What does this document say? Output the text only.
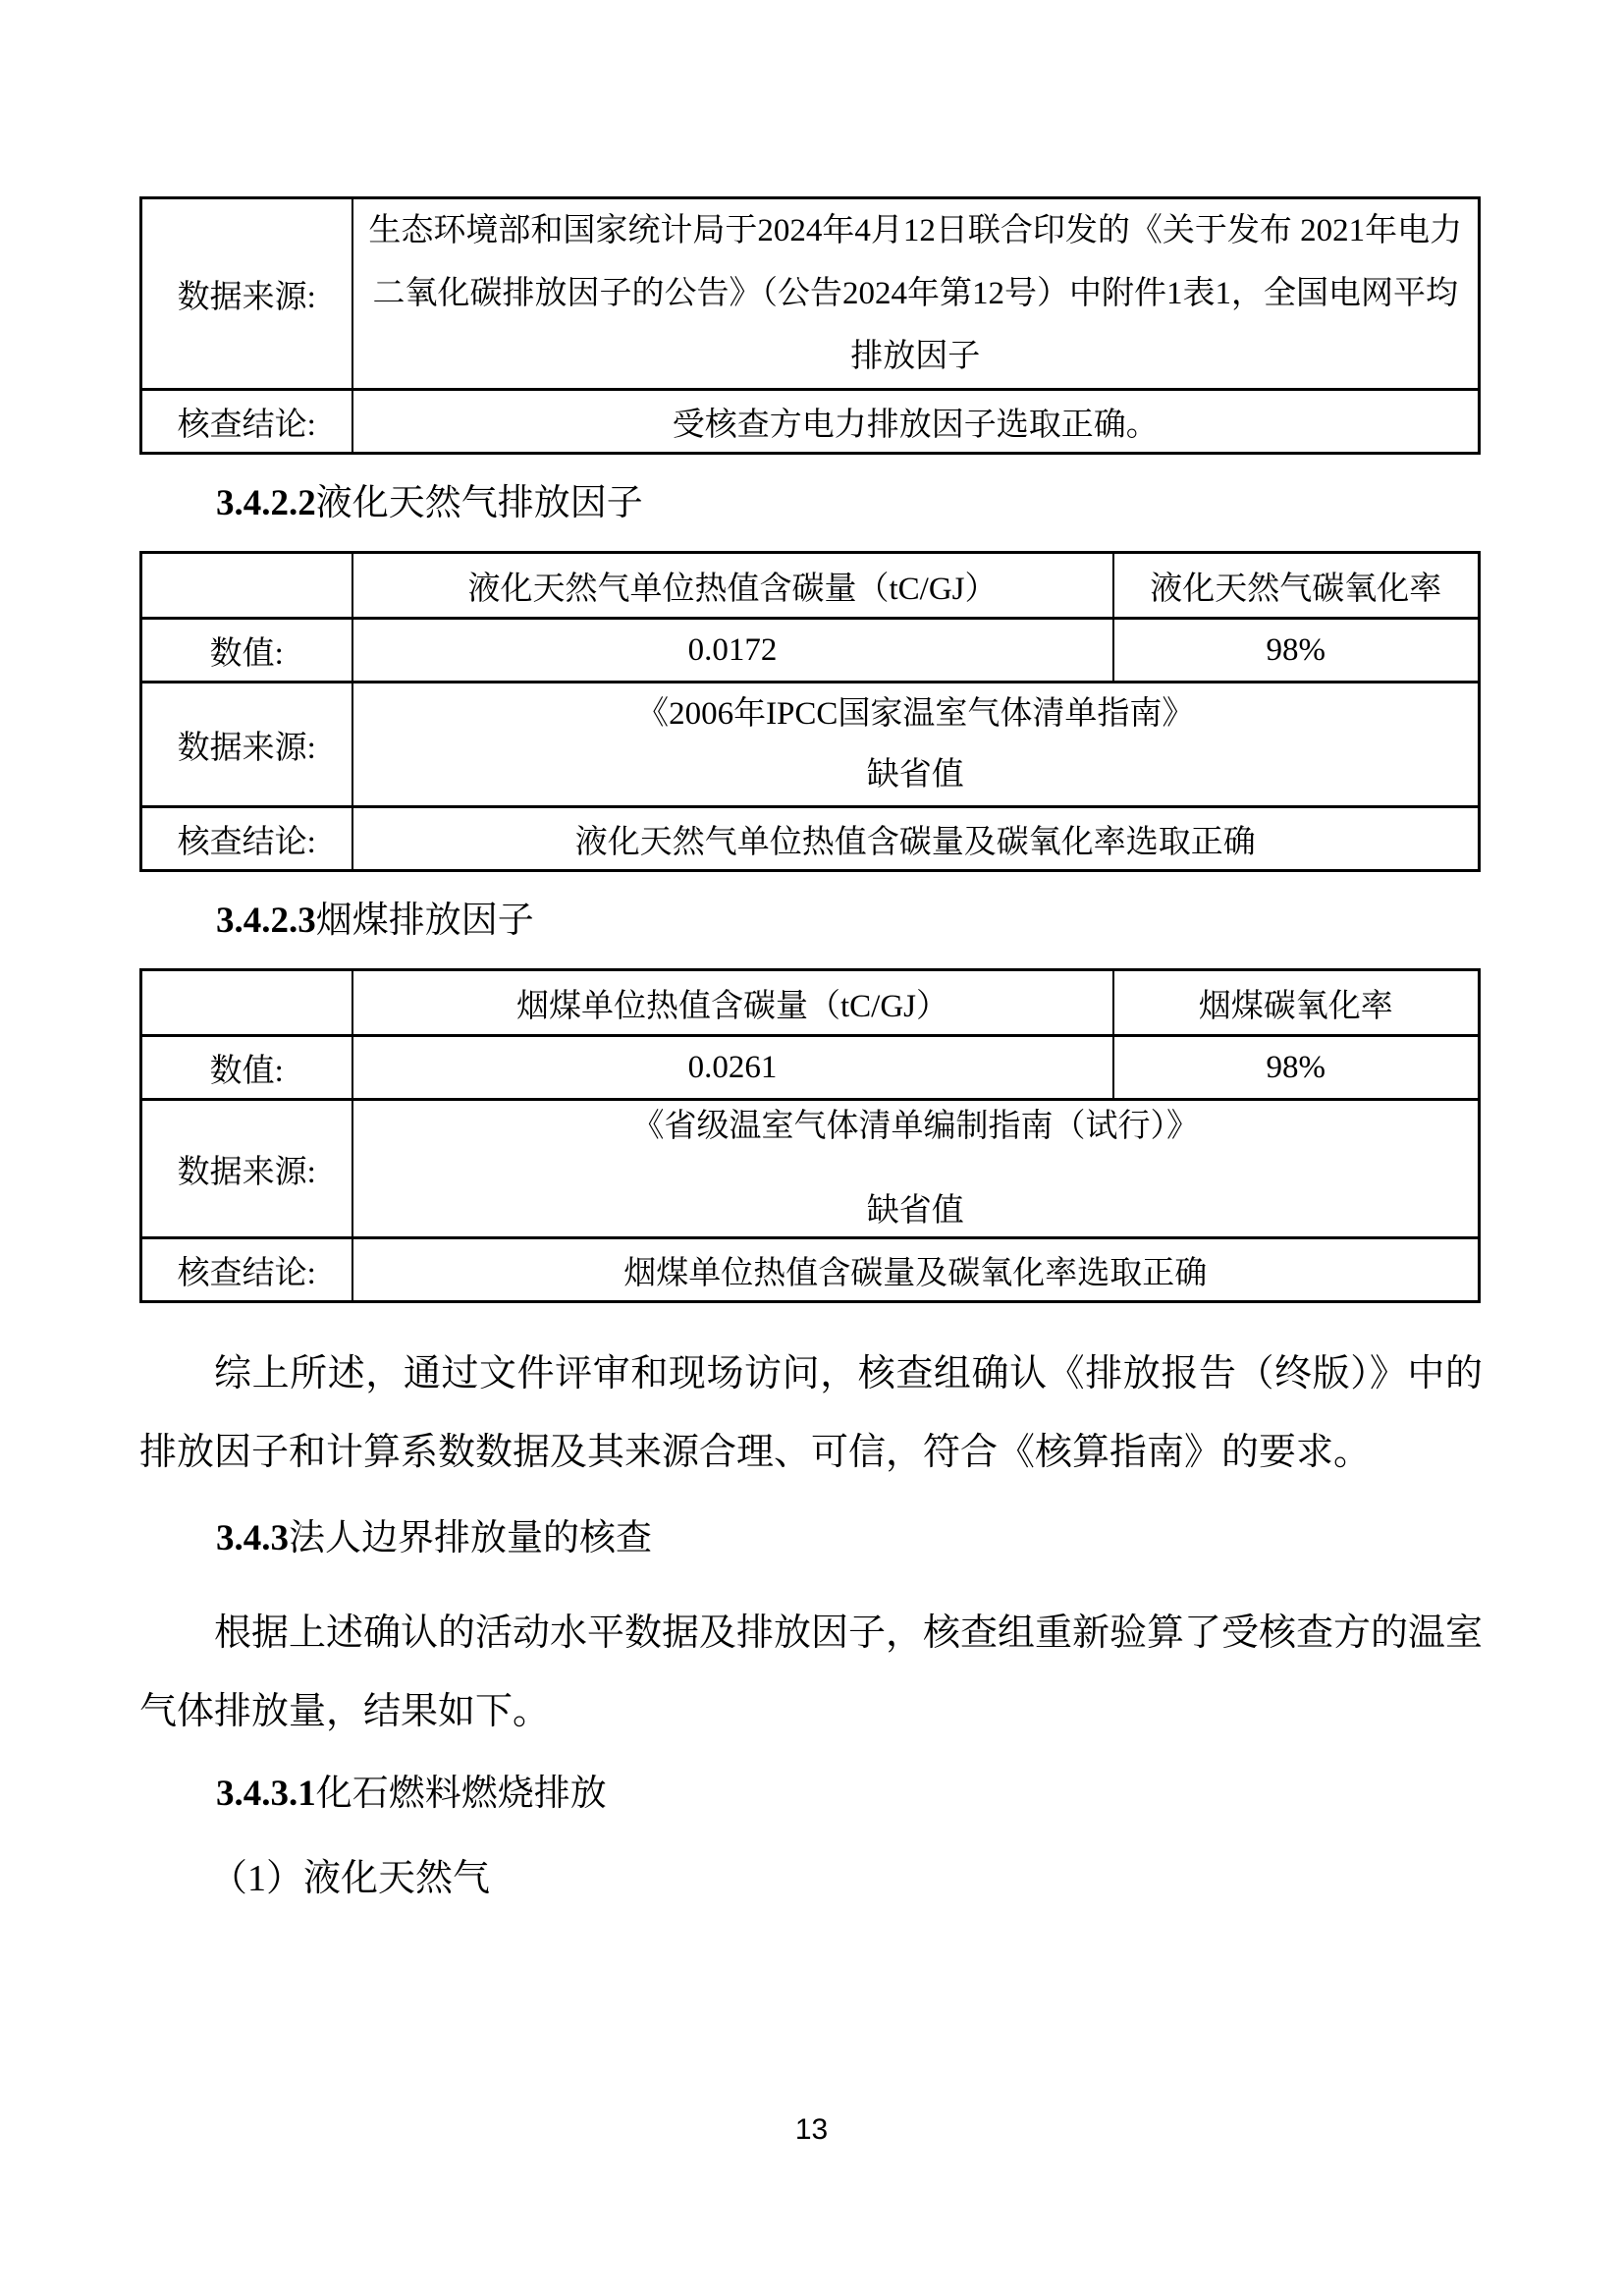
数据来源:	生态环境部和国家统计局于2024年4月12日联合印发的《关于发布 2021年电力二氧化碳排放因子的公告》（公告2024年第12号）中附件1表1，全国电网平均排放因子

核查结论:	受核查方电力排放因子选取正确。
3.4.2.2液化天然气排放因子
	液化天然气单位热值含碳量（tC/GJ）	液化天然气碳氧化率
数值:	0.0172	98%
数据来源:	《2006年IPCC国家温室气体清单指南》
缺省值	

核查结论:	液化天然气单位热值含碳量及碳氧化率选取正确	
3.4.2.3烟煤排放因子
	烟煤单位热值含碳量（tC/GJ）	烟煤碳氧化率
数值:	0.0261	98%
数据来源:	《省级温室气体清单编制指南（试行）》
缺省值	

核查结论:	烟煤单位热值含碳量及碳氧化率选取正确	

综上所述，通过文件评审和现场访问，核查组确认《排放报告（终版）》中的排放因子和计算系数数据及其来源合理、可信，符合《核算指南》的要求。

3.4.3法人边界排放量的核查

根据上述确认的活动水平数据及排放因子，核查组重新验算了受核查方的温室气体排放量，结果如下。

3.4.3.1化石燃料燃烧排放
（1）液化天然气
13
